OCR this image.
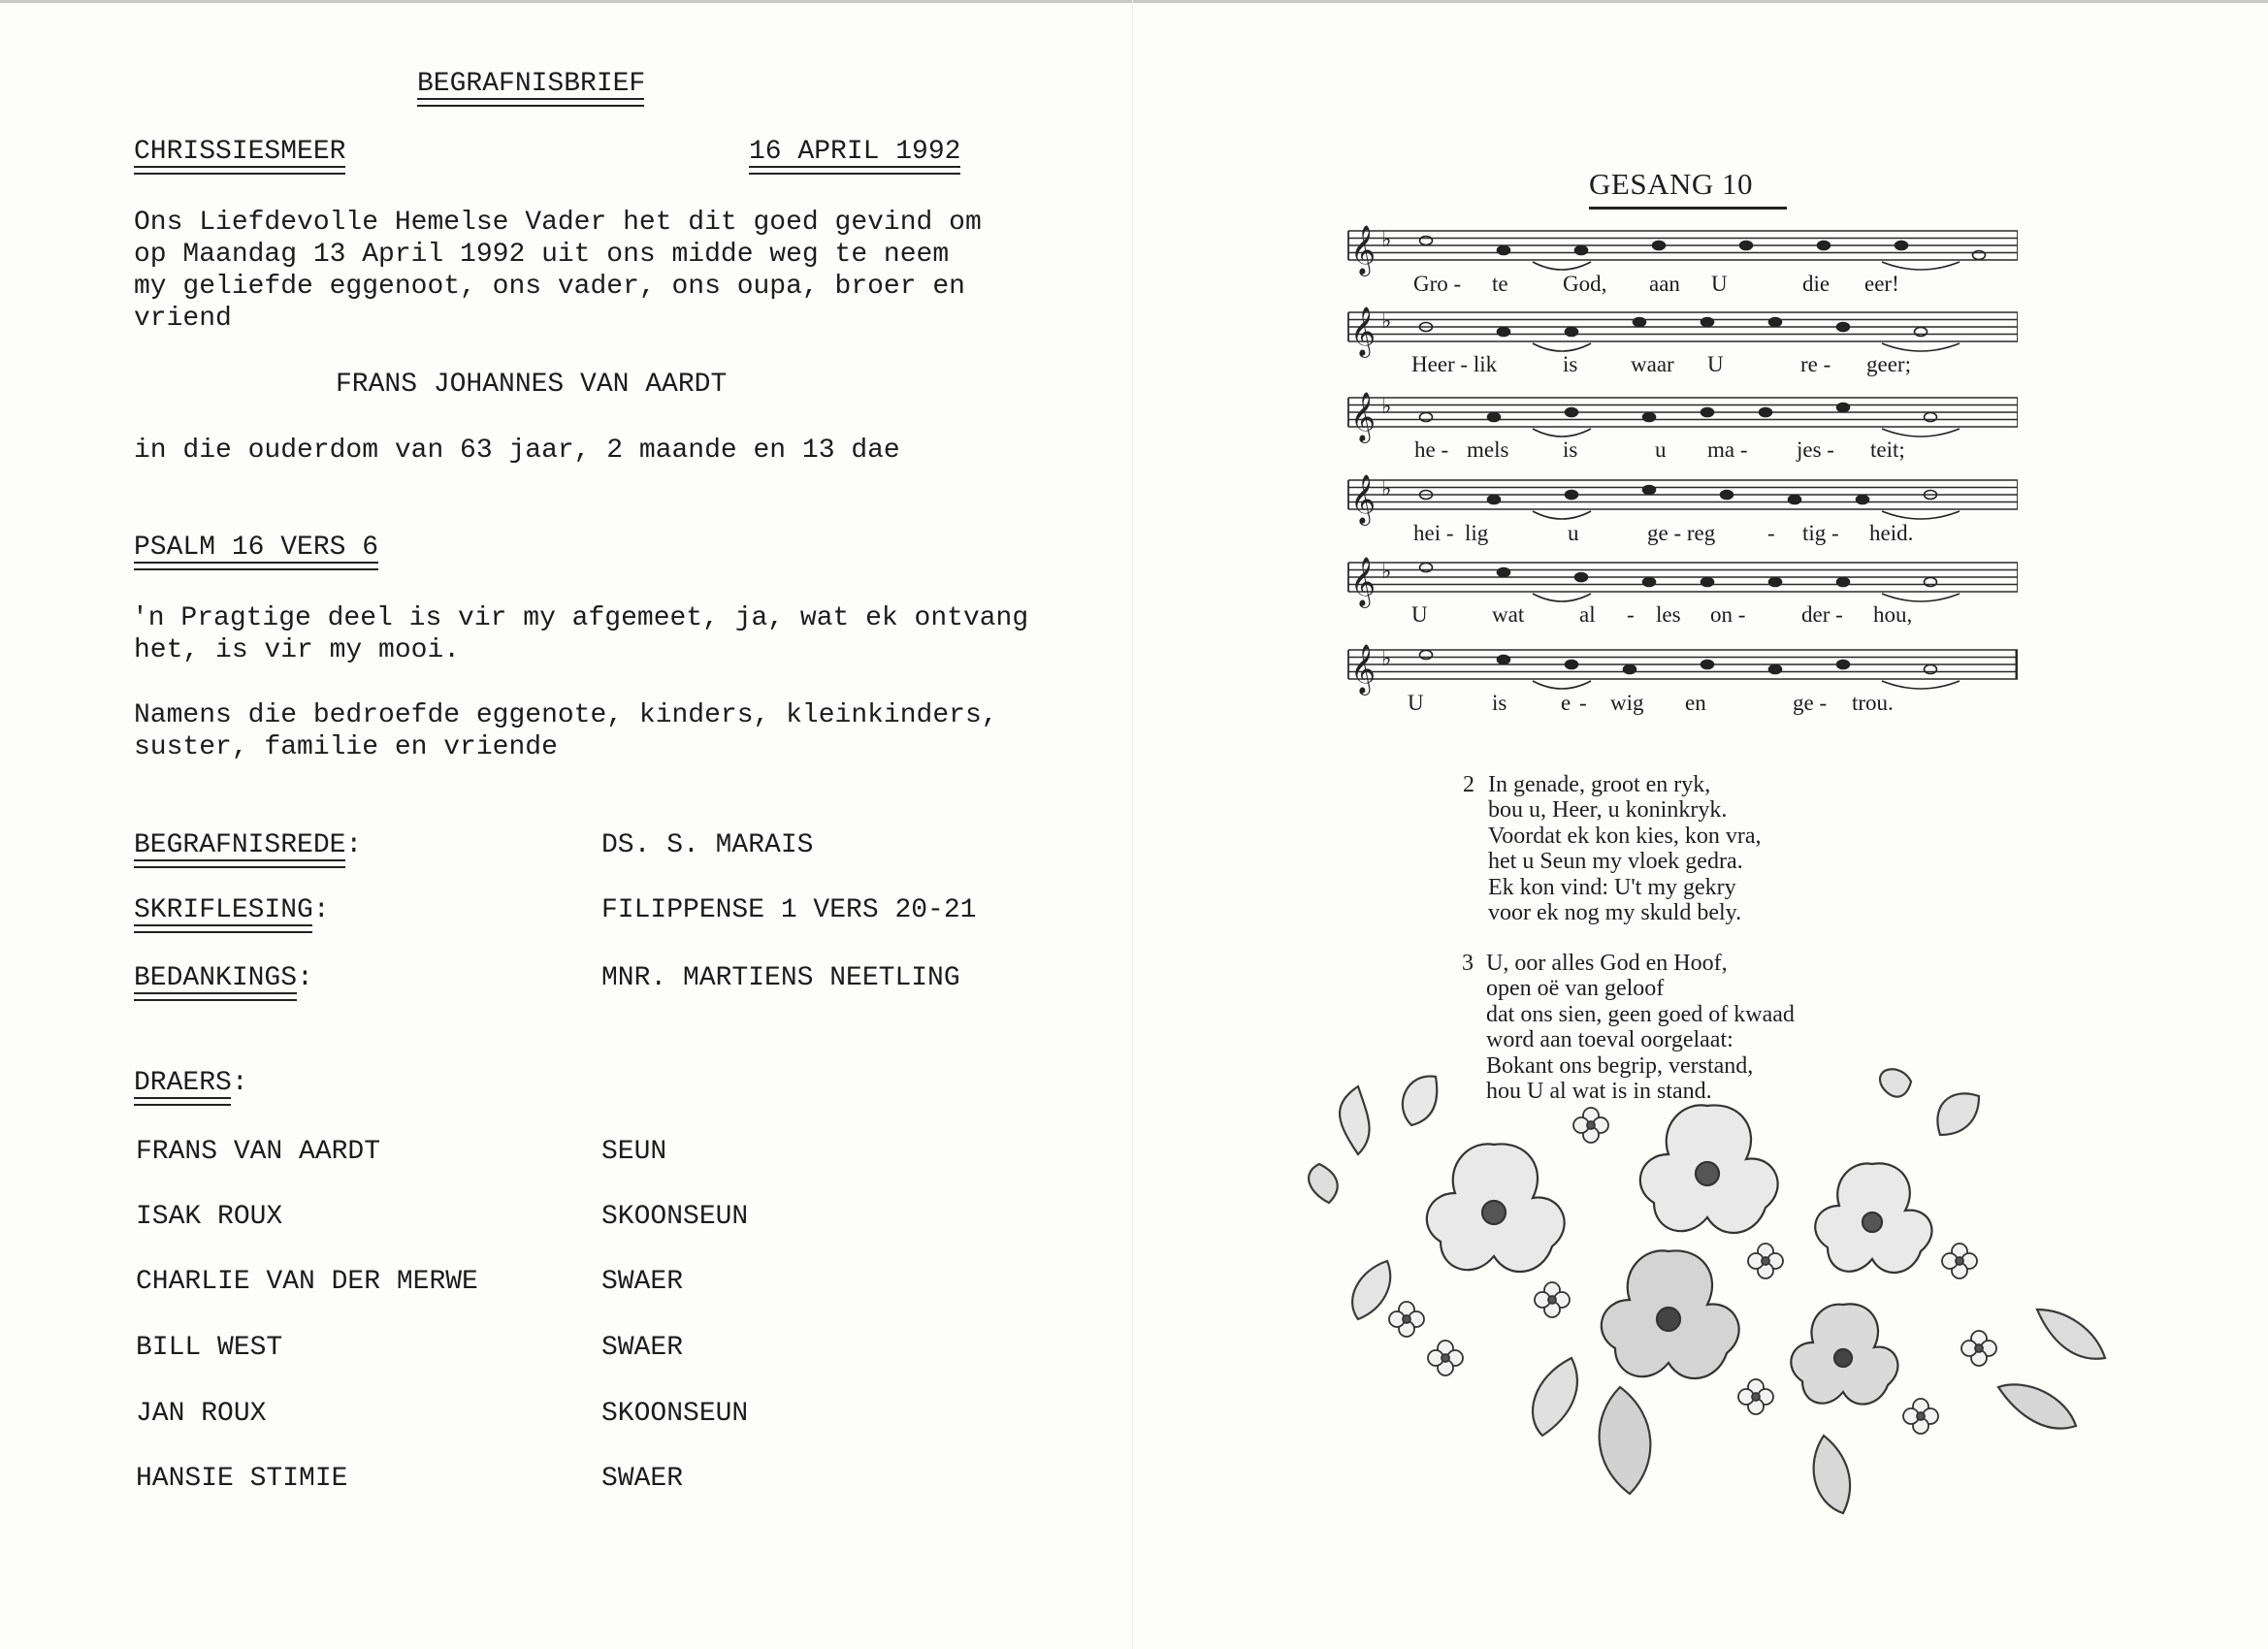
BEGRAFNISBRIEF
CHRISSIESMEER	16 APRIL 1992
Ons Liefdevolle Hemelse Vader het dit goed gevind om
op Maandag 13 April 1992 uit ons midde weg te neem
my geliefde eggenoot, ons vader, ons oupa, broer en
vriend
FRANS JOHANNES VAN AARDT
in die ouderdom van 63 jaar, 2 maande en 13 dae
PSALM 16 VERS 6
'n Pragtige deel is vir my afgemeet, ja, wat ek ontvang
het, is vir my mooi.
Namens die bedroefde eggenote, kinders, kleinkinders,
suster, familie en vriende
BEGRAFNISREDE:	DS. S. MARAIS
SKRIFLESING:	FILIPPENSE 1 VERS 20-21
BEDANKINGS:	MNR. MARTIENS NEETLING
DRAERS:
FRANS VAN AARDT	SEUN
ISAK ROUX	SKOONSEUN
CHARLIE VAN DER MERWE	SWAER
BILL WEST	SWAER
JAN ROUX	SKOONSEUN
HANSIE STIMIE	SWAER
GESANG 10
𝄞 ♭
𝄞 ♭
𝄞 ♭
𝄞 ♭
𝄞 ♭
𝄞 ♭
Gro - te God, aan U	die eer!
Heer - lik	is waar U	re - geer;
he - mels is	u ma - jes - teit;
hei - lig	u	ge - reg - tig - heid.
U	wat al - les on -	der - hou,
U	is e - wig en	ge - trou.
2 In genade, groot en ryk,
bou u, Heer, u koninkryk.
Voordat ek kon kies, kon vra,
het u Seun my vloek gedra.
Ek kon vind: U't my gekry
voor ek nog my skuld bely.
3 U, oor alles God en Hoof,
open oë van geloof
dat ons sien, geen goed of kwaad
word aan toeval oorgelaat:
Bokant ons begrip, verstand,
hou U al wat is in stand.
